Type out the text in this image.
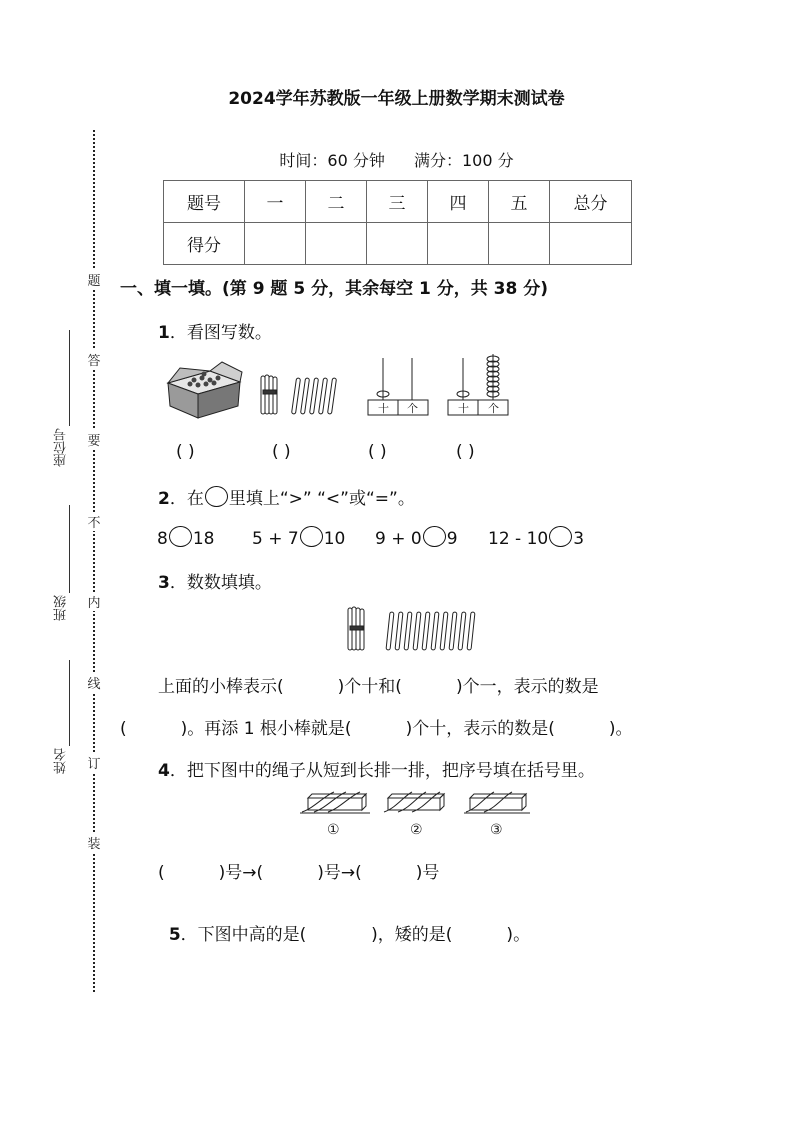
2024学年苏教版一年级上册数学期末测试卷
时间：60 分钟 满分：100 分
题号	一	二	三	四	五	总分
得分						
题
答
要
不
内
线
订
装
座位号
班级
姓名
一、填一填。(第 9 题 5 分，其余每空 1 分，共 38 分)
1．看图写数。
十 个	十 个
( )	( )	( )	( )
2．在 里填上“>” “<”或“=”。
8 18 5 + 7 10 9 + 0 9 12 - 10 3
3．数数填填。
上面的小棒表示(          )个十和(          )个一，表示的数是
(          )。再添 1 根小棒就是(          )个十，表示的数是(          )。
4．把下图中的绳子从短到长排一排，把序号填在括号里。
①	②	③
(          )号→(          )号→(          )号

5．下图中高的是(            )，矮的是(          )。
